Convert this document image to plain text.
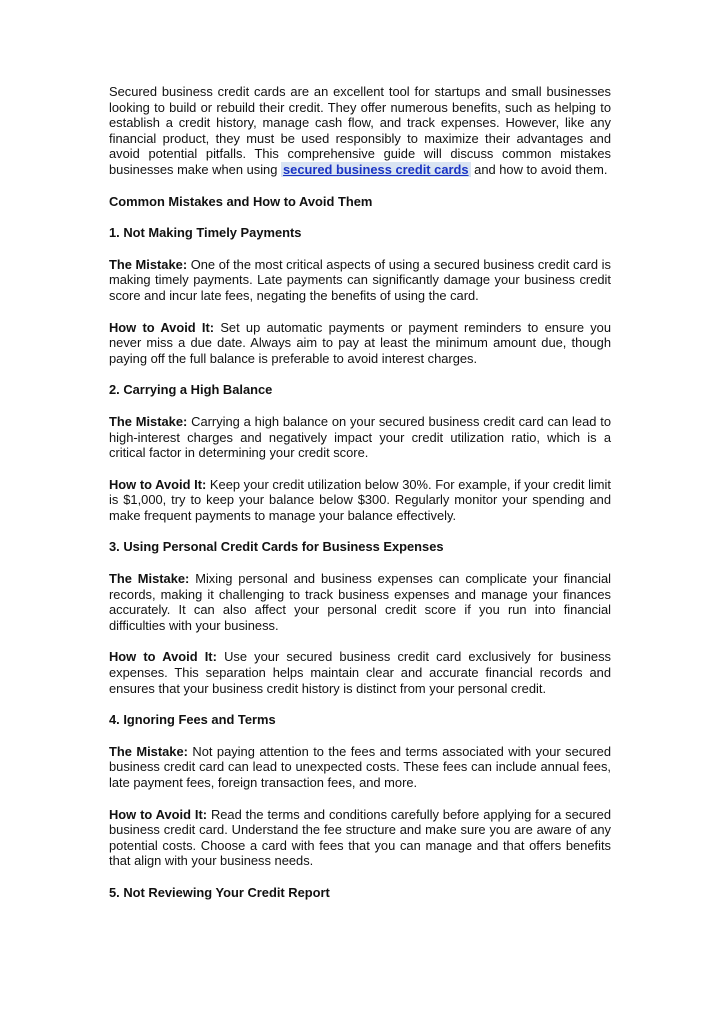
Secured business credit cards are an excellent tool for startups and small businesses looking to build or rebuild their credit. They offer numerous benefits, such as helping to establish a credit history, manage cash flow, and track expenses. However, like any financial product, they must be used responsibly to maximize their advantages and avoid potential pitfalls. This comprehensive guide will discuss common mistakes businesses make when using secured business credit cards and how to avoid them.

Common Mistakes and How to Avoid Them
1. Not Making Timely Payments

The Mistake: One of the most critical aspects of using a secured business credit card is making timely payments. Late payments can significantly damage your business credit score and incur late fees, negating the benefits of using the card.

How to Avoid It: Set up automatic payments or payment reminders to ensure you never miss a due date. Always aim to pay at least the minimum amount due, though paying off the full balance is preferable to avoid interest charges.

2. Carrying a High Balance

The Mistake: Carrying a high balance on your secured business credit card can lead to high-interest charges and negatively impact your credit utilization ratio, which is a critical factor in determining your credit score.

How to Avoid It: Keep your credit utilization below 30%. For example, if your credit limit is $1,000, try to keep your balance below $300. Regularly monitor your spending and make frequent payments to manage your balance effectively.

3. Using Personal Credit Cards for Business Expenses

The Mistake: Mixing personal and business expenses can complicate your financial records, making it challenging to track business expenses and manage your finances accurately. It can also affect your personal credit score if you run into financial difficulties with your business.

How to Avoid It: Use your secured business credit card exclusively for business expenses. This separation helps maintain clear and accurate financial records and ensures that your business credit history is distinct from your personal credit.

4. Ignoring Fees and Terms

The Mistake: Not paying attention to the fees and terms associated with your secured business credit card can lead to unexpected costs. These fees can include annual fees, late payment fees, foreign transaction fees, and more.

How to Avoid It: Read the terms and conditions carefully before applying for a secured business credit card. Understand the fee structure and make sure you are aware of any potential costs. Choose a card with fees that you can manage and that offers benefits that align with your business needs.

5. Not Reviewing Your Credit Report
